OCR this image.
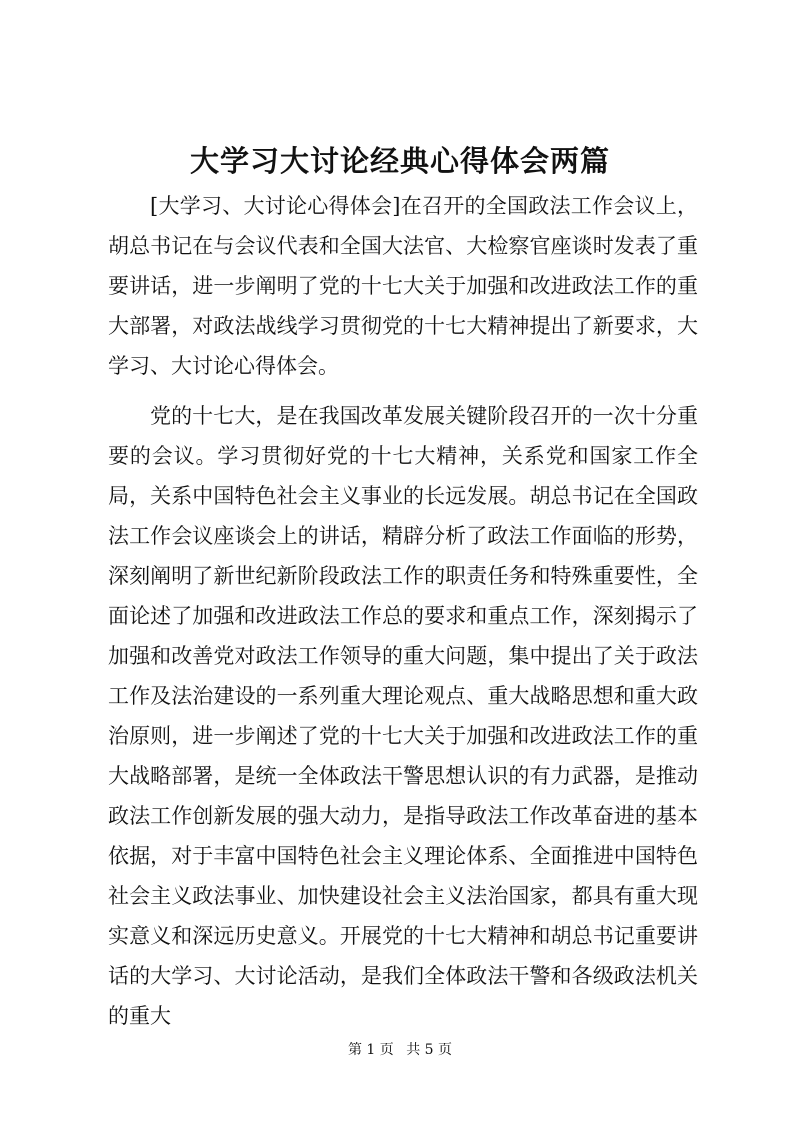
大学习大讨论经典心得体会两篇

[大学习、大讨论心得体会]在召开的全国政法工作会议上，胡总书记在与会议代表和全国大法官、大检察官座谈时发表了重要讲话，进一步阐明了党的十七大关于加强和改进政法工作的重大部署，对政法战线学习贯彻党的十七大精神提出了新要求，大学习、大讨论心得体会。

党的十七大，是在我国改革发展关键阶段召开的一次十分重要的会议。学习贯彻好党的十七大精神，关系党和国家工作全局，关系中国特色社会主义事业的长远发展。胡总书记在全国政法工作会议座谈会上的讲话，精辟分析了政法工作面临的形势，深刻阐明了新世纪新阶段政法工作的职责任务和特殊重要性，全面论述了加强和改进政法工作总的要求和重点工作，深刻揭示了加强和改善党对政法工作领导的重大问题，集中提出了关于政法工作及法治建设的一系列重大理论观点、重大战略思想和重大政治原则，进一步阐述了党的十七大关于加强和改进政法工作的重大战略部署，是统一全体政法干警思想认识的有力武器，是推动政法工作创新发展的强大动力，是指导政法工作改革奋进的基本依据，对于丰富中国特色社会主义理论体系、全面推进中国特色社会主义政法事业、加快建设社会主义法治国家，都具有重大现实意义和深远历史意义。开展党的十七大精神和胡总书记重要讲话的大学习、大讨论活动，是我们全体政法干警和各级政法机关的重大

第 1 页 共 5 页
